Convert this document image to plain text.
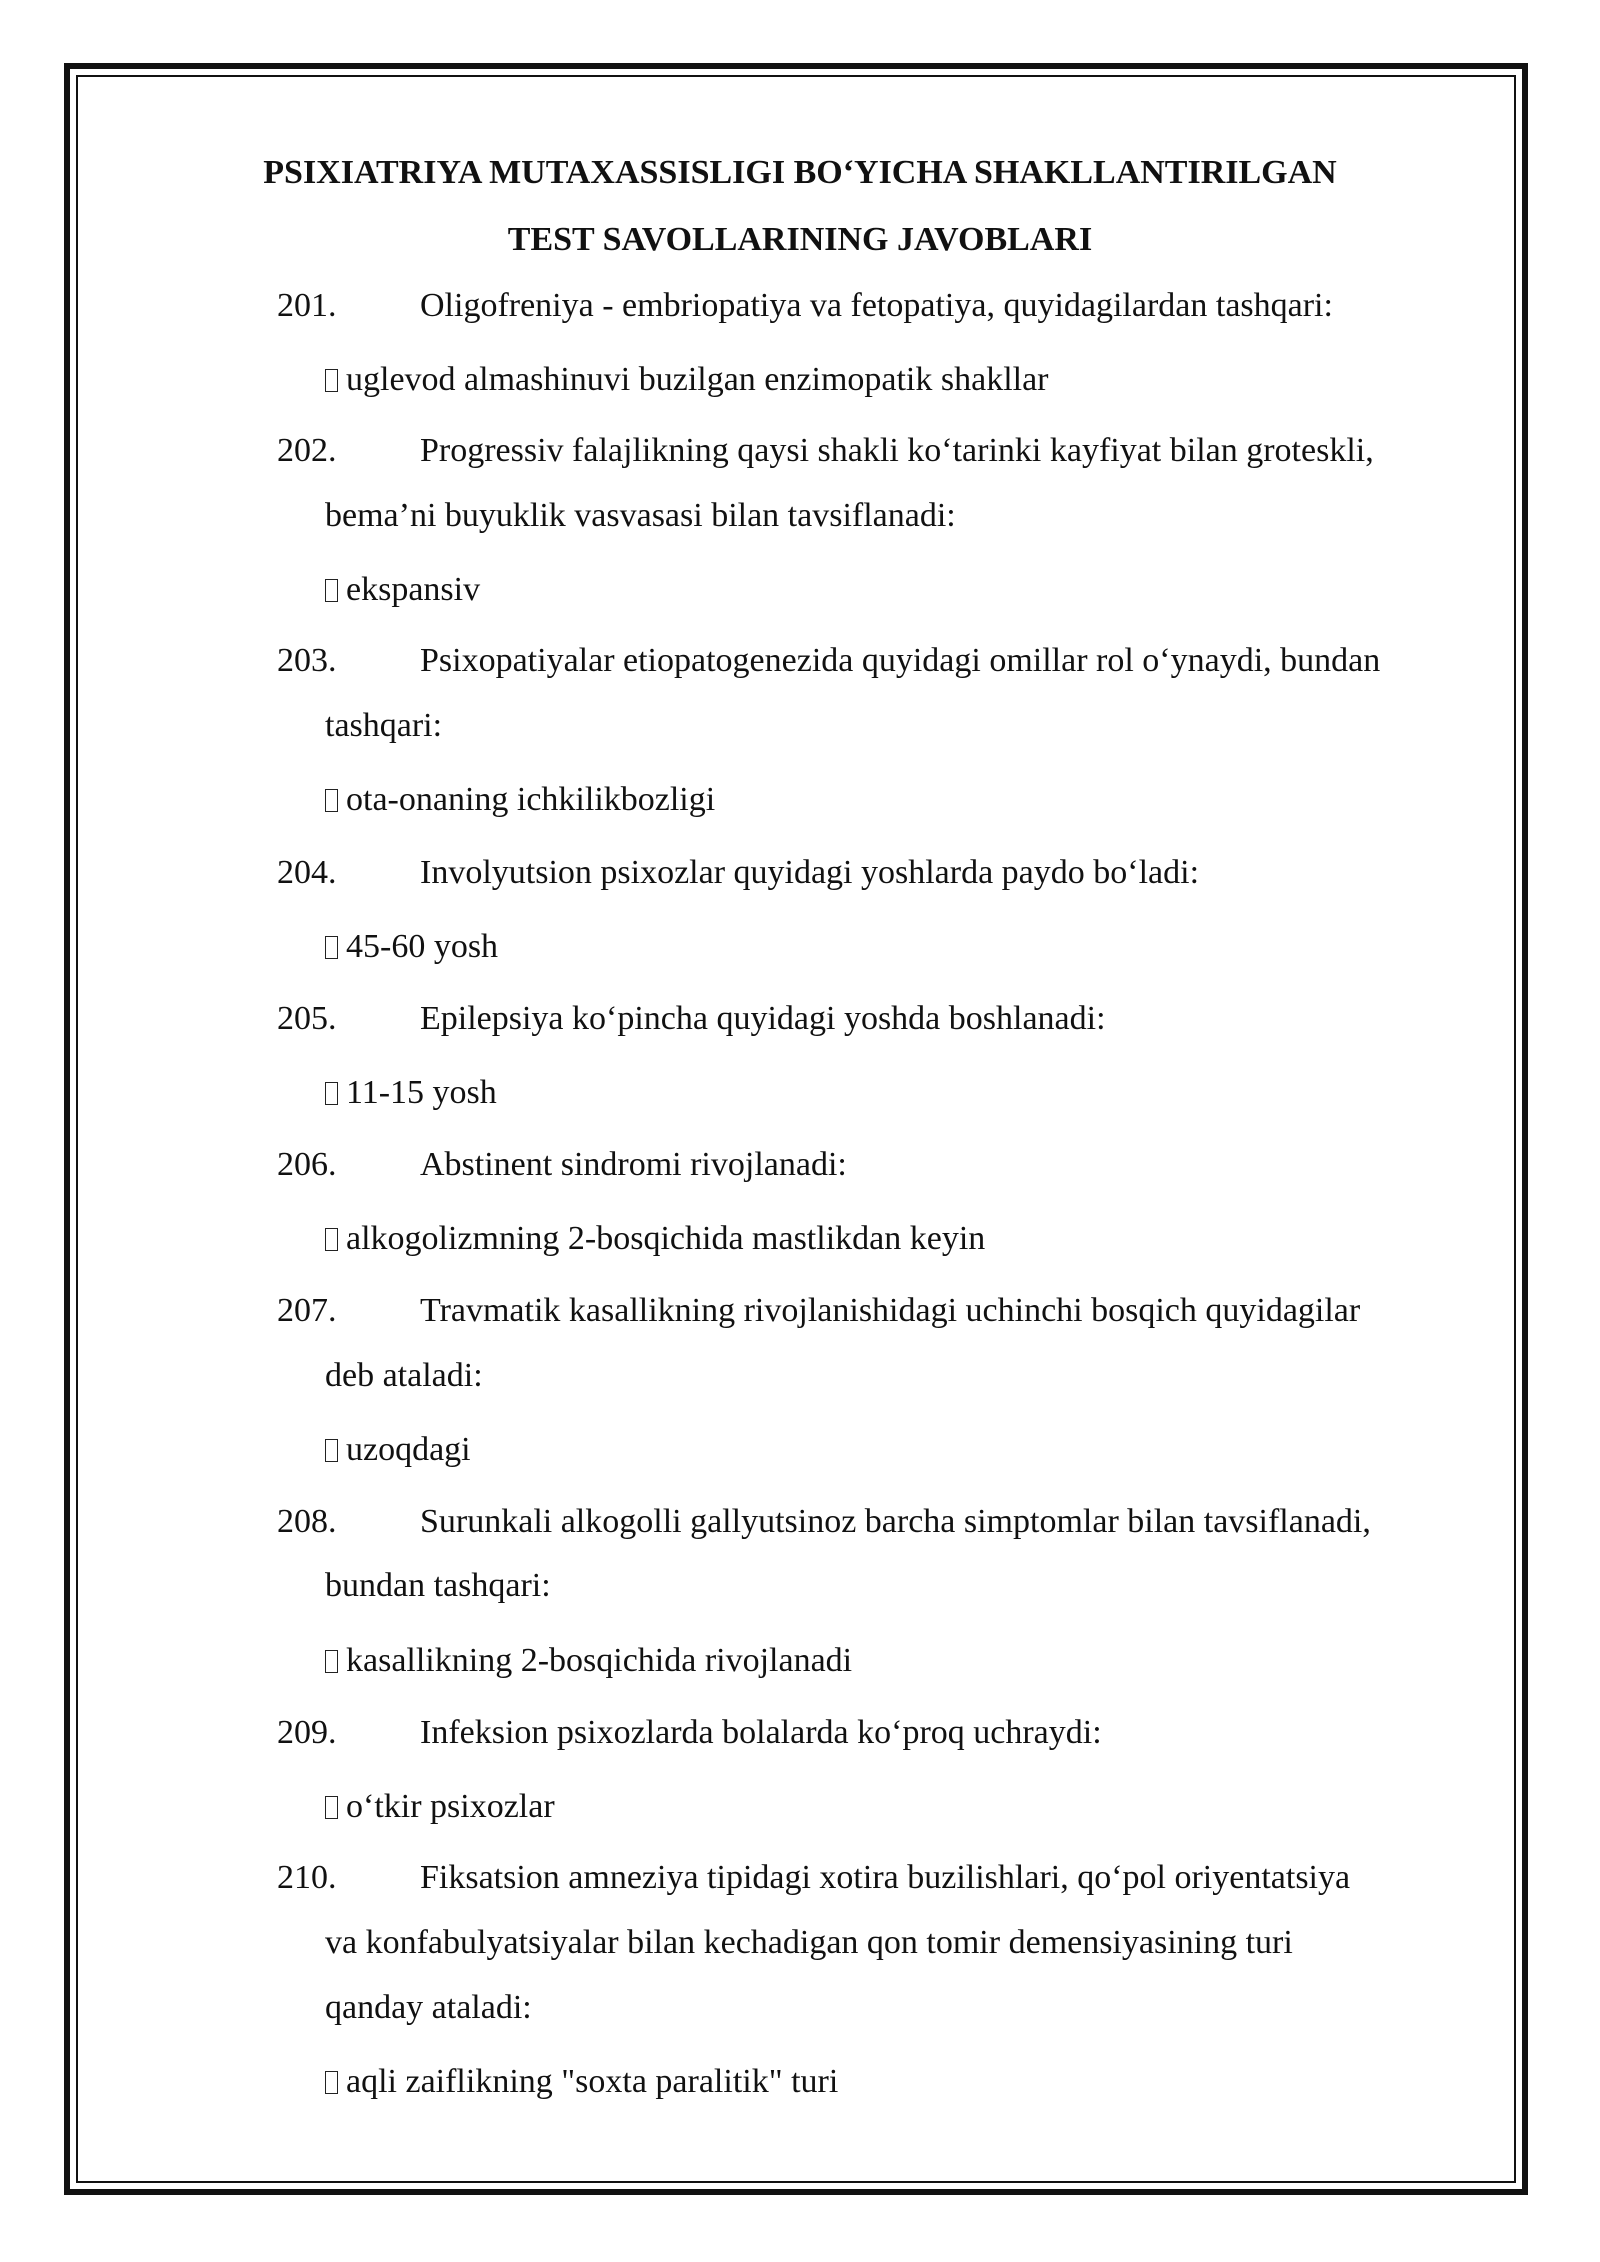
PSIXIATRIYA MUTAXASSISLIGI BO‘YICHA SHAKLLANTIRILGAN
TEST SAVOLLARINING JAVOBLARI
201. Oligofreniya - embriopatiya va fetopatiya, quyidagilardan tashqari:
uglevod almashinuvi buzilgan enzimopatik shakllar
202. Progressiv falajlikning qaysi shakli ko‘tarinki kayfiyat bilan groteskli,
bema’ni buyuklik vasvasasi bilan tavsiflanadi:
ekspansiv
203. Psixopatiyalar etiopatogenezida quyidagi omillar rol o‘ynaydi, bundan
tashqari:
ota-onaning ichkilikbozligi
204. Involyutsion psixozlar quyidagi yoshlarda paydo bo‘ladi:
45-60 yosh
205. Epilepsiya ko‘pincha quyidagi yoshda boshlanadi:
11-15 yosh
206. Abstinent sindromi rivojlanadi:
alkogolizmning 2-bosqichida mastlikdan keyin
207. Travmatik kasallikning rivojlanishidagi uchinchi bosqich quyidagilar
deb ataladi:
uzoqdagi
208. Surunkali alkogolli gallyutsinoz barcha simptomlar bilan tavsiflanadi,
bundan tashqari:
kasallikning 2-bosqichida rivojlanadi
209. Infeksion psixozlarda bolalarda ko‘proq uchraydi:
o‘tkir psixozlar
210. Fiksatsion amneziya tipidagi xotira buzilishlari, qo‘pol oriyentatsiya
va konfabulyatsiyalar bilan kechadigan qon tomir demensiyasining turi
qanday ataladi:
aqli zaiflikning "soxta paralitik" turi
